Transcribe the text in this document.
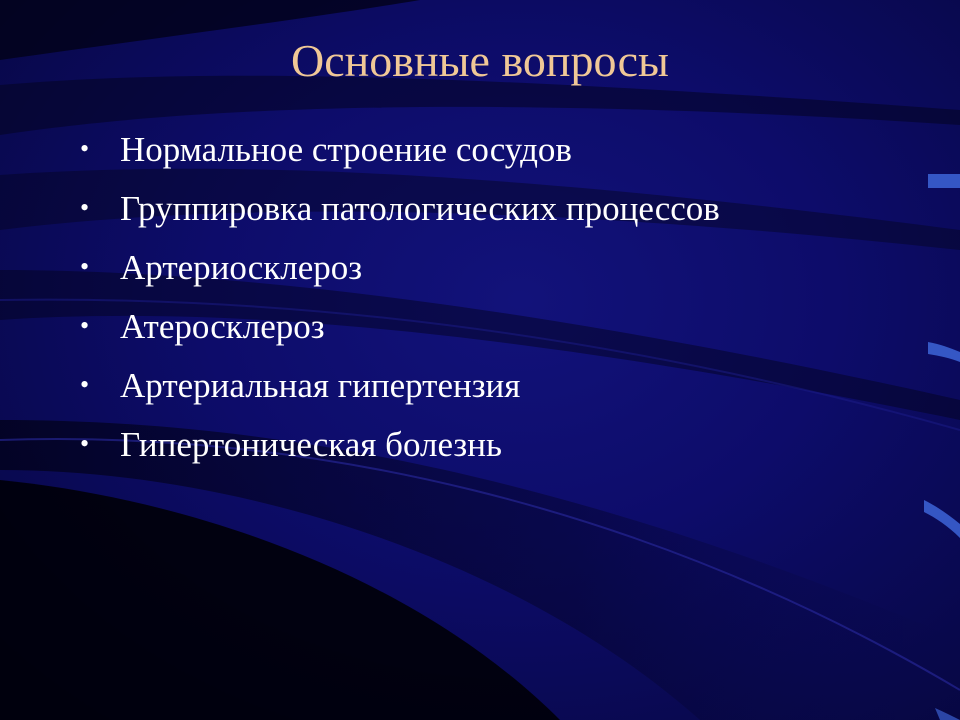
Основные вопросы
• Нормальное строение сосудов
• Группировка патологических процессов
• Артериосклероз
• Атеросклероз
• Артериальная гипертензия
• Гипертоническая болезнь
